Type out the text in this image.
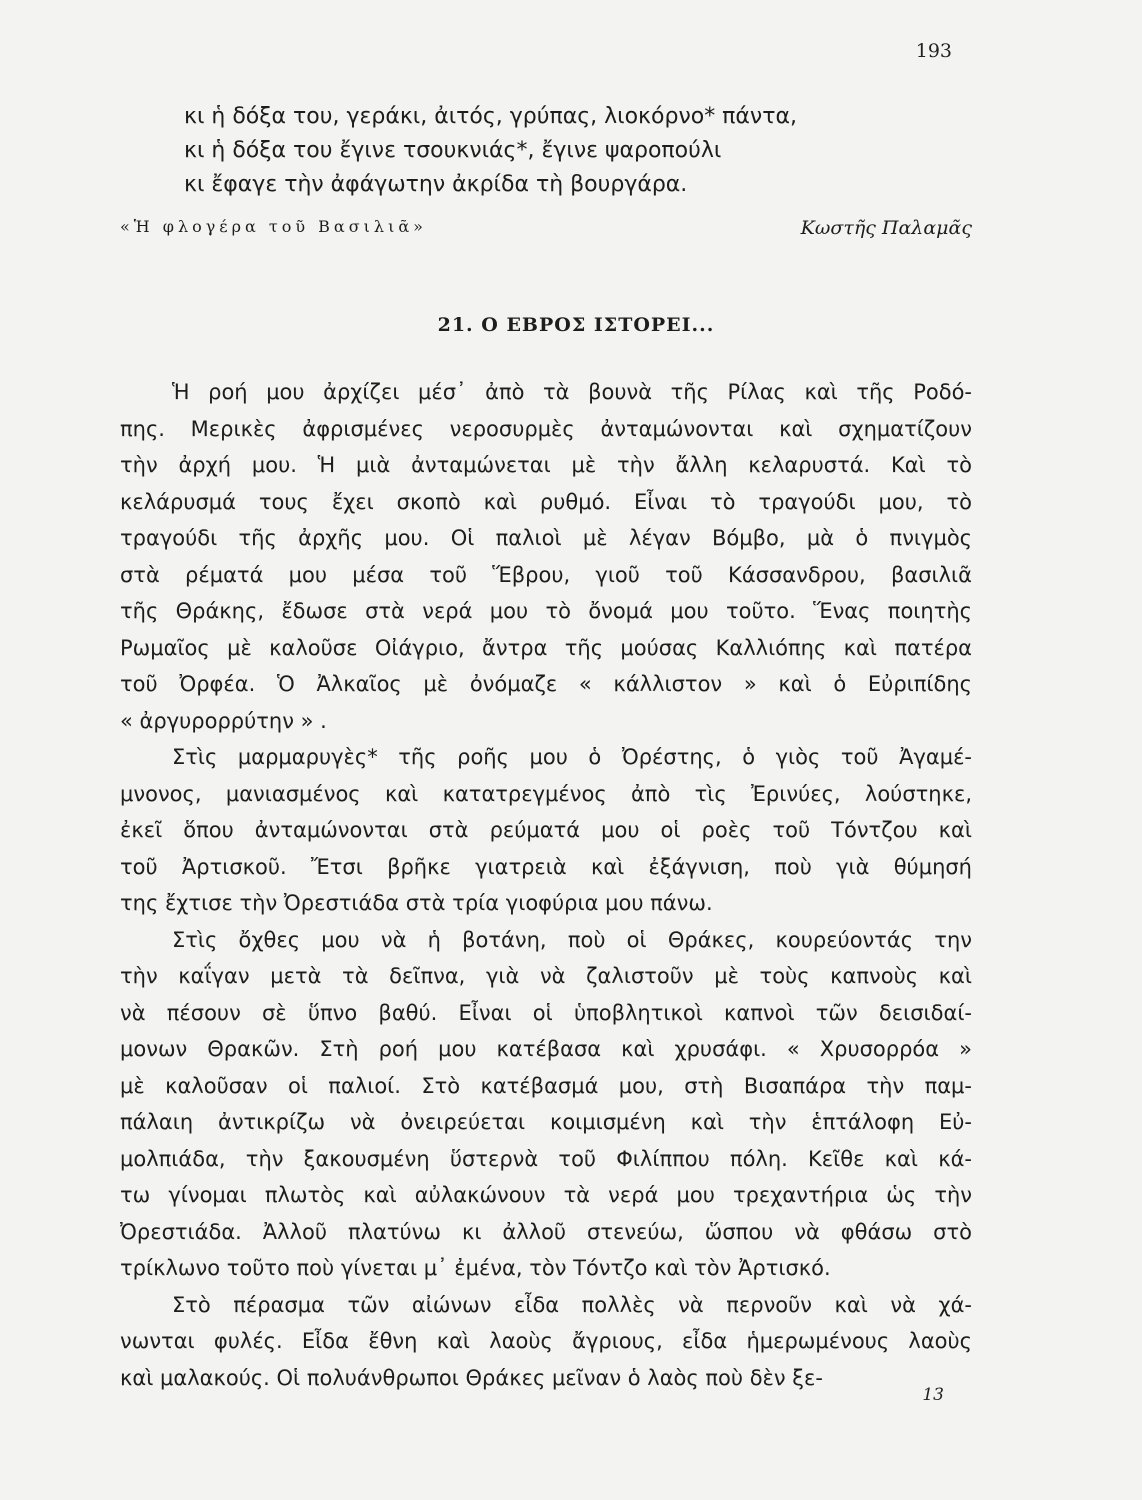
193
κι ἡ δόξα του, γεράκι, ἀιτός, γρύπας, λιοκόρνο* πάντα,
κι ἡ δόξα του ἔγινε τσουκνιάς*, ἔγινε ψαροπούλι
κι ἔφαγε τὴν ἀφάγωτην ἀκρίδα τὴ βουργάρα.
«Ἡ φλογέρα τοῦ Βασιλιᾶ»	Κωστῆς Παλαμᾶς
21. Ο ΕΒΡΟΣ ΙΣΤΟΡΕΙ...
Ἡ ροή μου ἀρχίζει μέσ᾽ ἀπὸ τὰ βουνὰ τῆς Ρίλας καὶ τῆς Ροδό-
πης. Μερικὲς ἀφρισμένες νεροσυρμὲς ἀνταμώνονται καὶ σχηματίζουν
τὴν ἀρχή μου. Ἡ μιὰ ἀνταμώνεται μὲ τὴν ἄλλη κελαρυστά. Καὶ τὸ
κελάρυσμά τους ἔχει σκοπὸ καὶ ρυθμό. Εἶναι τὸ τραγούδι μου, τὸ
τραγούδι τῆς ἀρχῆς μου. Οἱ παλιοὶ μὲ λέγαν Βόμβο, μὰ ὁ πνιγμὸς
στὰ ρέματά μου μέσα τοῦ Ἕβρου, γιοῦ τοῦ Κάσσανδρου, βασιλιᾶ
τῆς Θράκης, ἔδωσε στὰ νερά μου τὸ ὄνομά μου τοῦτο. Ἕνας ποιητὴς
Ρωμαῖος μὲ καλοῦσε Οἰάγριο, ἄντρα τῆς μούσας Καλλιόπης καὶ πατέρα
τοῦ Ὀρφέα. Ὁ Ἀλκαῖος μὲ ὀνόμαζε « κάλλιστον » καὶ ὁ Εὐριπίδης
« ἀργυρορρύτην » .
Στὶς μαρμαρυγὲς* τῆς ροῆς μου ὁ Ὀρέστης, ὁ γιὸς τοῦ Ἀγαμέ-
μνονος, μανιασμένος καὶ κατατρεγμένος ἀπὸ τὶς Ἐρινύες, λούστηκε,
ἐκεῖ ὅπου ἀνταμώνονται στὰ ρεύματά μου οἱ ροὲς τοῦ Τόντζου καὶ
τοῦ Ἀρτισκοῦ. Ἔτσι βρῆκε γιατρειὰ καὶ ἐξάγνιση, ποὺ γιὰ θύμησή
της ἔχτισε τὴν Ὀρεστιάδα στὰ τρία γιοφύρια μου πάνω.
Στὶς ὄχθες μου νὰ ἡ βοτάνη, ποὺ οἱ Θράκες, κουρεύοντάς την
τὴν καΐγαν μετὰ τὰ δεῖπνα, γιὰ νὰ ζαλιστοῦν μὲ τοὺς καπνοὺς καὶ
νὰ πέσουν σὲ ὕπνο βαθύ. Εἶναι οἱ ὑποβλητικοὶ καπνοὶ τῶν δεισιδαί-
μονων Θρακῶν. Στὴ ροή μου κατέβασα καὶ χρυσάφι. « Χρυσορρόα »
μὲ καλοῦσαν οἱ παλιοί. Στὸ κατέβασμά μου, στὴ Βισαπάρα τὴν παμ-
πάλαιη ἀντικρίζω νὰ ὀνειρεύεται κοιμισμένη καὶ τὴν ἑπτάλοφη Εὐ-
μολπιάδα, τὴν ξακουσμένη ὕστερνὰ τοῦ Φιλίππου πόλη. Κεῖθε καὶ κά-
τω γίνομαι πλωτὸς καὶ αὐλακώνουν τὰ νερά μου τρεχαντήρια ὡς τὴν
Ὀρεστιάδα. Ἀλλοῦ πλατύνω κι ἀλλοῦ στενεύω, ὥσπου νὰ φθάσω στὸ
τρίκλωνο τοῦτο ποὺ γίνεται μ᾽ ἐμένα, τὸν Τόντζο καὶ τὸν Ἀρτισκό.
Στὸ πέρασμα τῶν αἰώνων εἶδα πολλὲς νὰ περνοῦν καὶ νὰ χά-
νωνται φυλές. Εἶδα ἔθνη καὶ λαοὺς ἄγριους, εἶδα ἡμερωμένους λαοὺς
καὶ μαλακούς. Οἱ πολυάνθρωποι Θράκες μεῖναν ὁ λαὸς ποὺ δὲν ξε-
13
